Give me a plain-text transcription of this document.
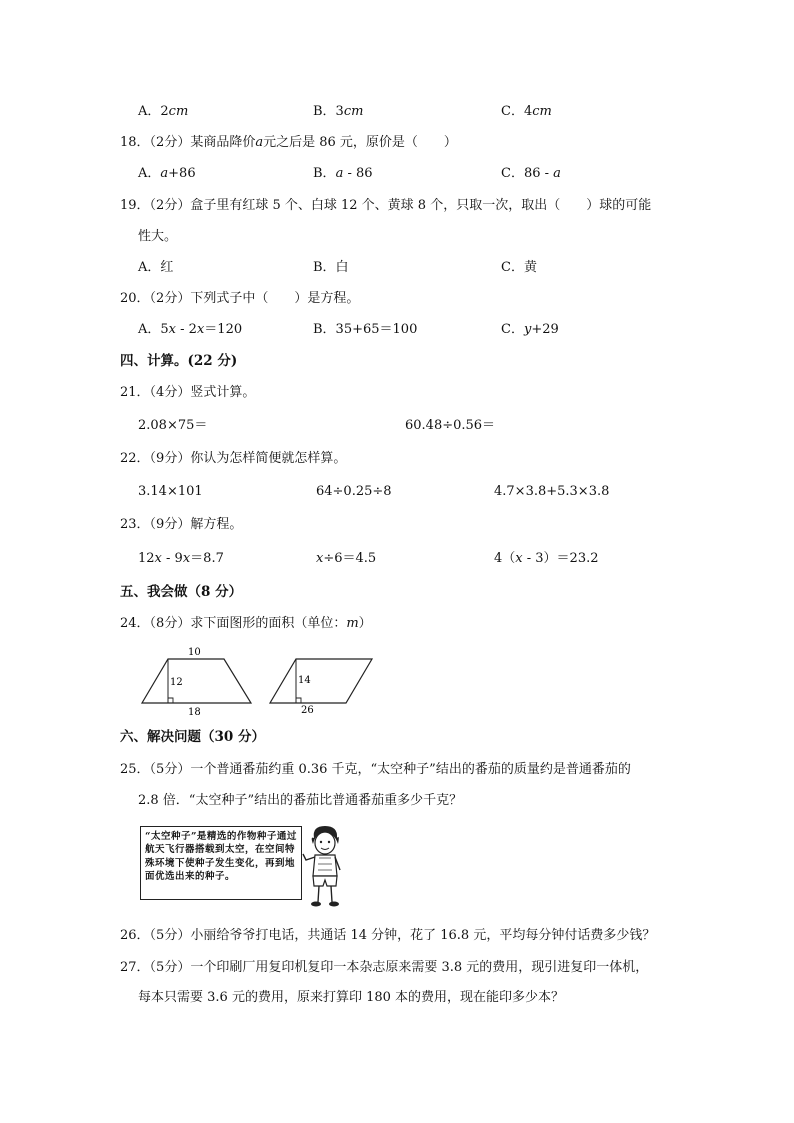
A．2cm	B．3cm	C．4cm
18．（2分）某商品降价a元之后是 86 元，原价是（　　）
A．a+86	B．a - 86	C．86 - a
19．（2分）盒子里有红球 5 个、白球 12 个、黄球 8 个，只取一次，取出（　　）球的可能
性大。
A．红	B．白	C．黄
20．（2分）下列式子中（　　）是方程。
A．5x - 2x＝120	B．35+65＝100	C．y+29
四、计算。(22 分)
21．（4分）竖式计算。
2.08×75＝	60.48÷0.56＝
22．（9分）你认为怎样简便就怎样算。
3.14×101	64÷0.25÷8	4.7×3.8+5.3×3.8
23．（9分）解方程。
12x - 9x＝8.7	x÷6＝4.5	4（x - 3）＝23.2
五、我会做（8 分）
24．（8分）求下面图形的面积（单位：m）
10
12
18
14
26
六、解决问题（30 分）
25．（5分）一个普通番茄约重 0.36 千克，“太空种子”结出的番茄的质量约是普通番茄的
2.8 倍．“太空种子”结出的番茄比普通番茄重多少千克？
“太空种子”是精选的作物种子通过航天飞行器搭载到太空，在空间特殊环境下使种子发生变化，再到地面优选出来的种子。
26．（5分）小丽给爷爷打电话，共通话 14 分钟，花了 16.8 元，平均每分钟付话费多少钱？
27．（5分）一个印刷厂用复印机复印一本杂志原来需要 3.8 元的费用，现引进复印一体机，
每本只需要 3.6 元的费用，原来打算印 180 本的费用，现在能印多少本？
